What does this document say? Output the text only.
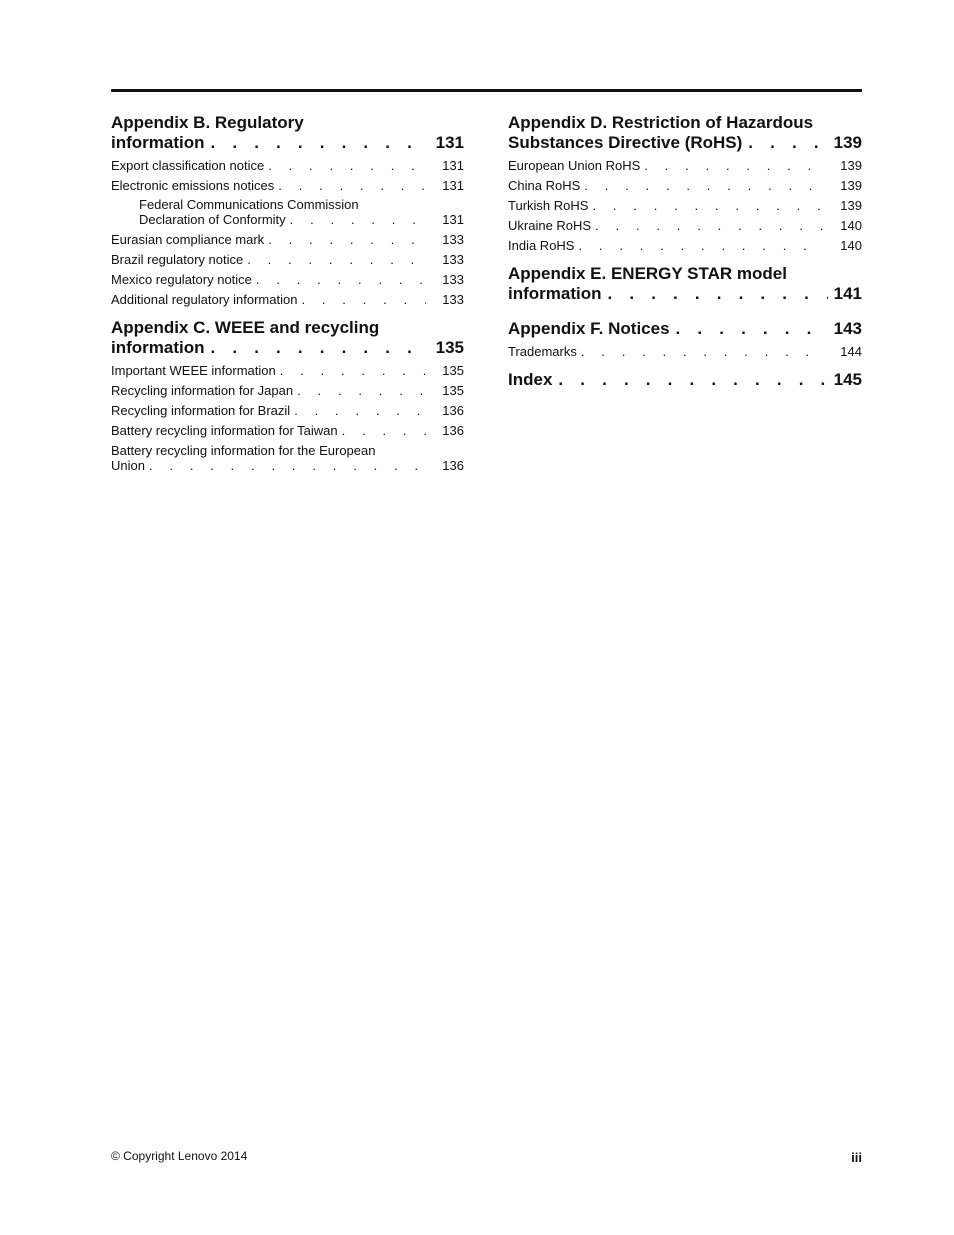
Appendix B. Regulatory
information . . .	131
Export classification notice . . .	131
Electronic emissions notices . . .	131
Federal Communications Commission
Declaration of Conformity . . .	131
Eurasian compliance mark . . .	133
Brazil regulatory notice . . .	133
Mexico regulatory notice . . .	133
Additional regulatory information . . .	133
Appendix C. WEEE and recycling
information . . .	135
Important WEEE information . . .	135
Recycling information for Japan . . .	135
Recycling information for Brazil . . .	136
Battery recycling information for Taiwan . . .	136
Battery recycling information for the European
Union . . .	136
Appendix D. Restriction of Hazardous
Substances Directive (RoHS) . . .	139
European Union RoHS . . .	139
China RoHS . . .	139
Turkish RoHS . . .	139
Ukraine RoHS . . .	140
India RoHS . . .	140
Appendix E. ENERGY STAR model
information . . .	141
Appendix F. Notices . . .	143
Trademarks . . .	144
Index . . .	145
© Copyright Lenovo 2014	iii
